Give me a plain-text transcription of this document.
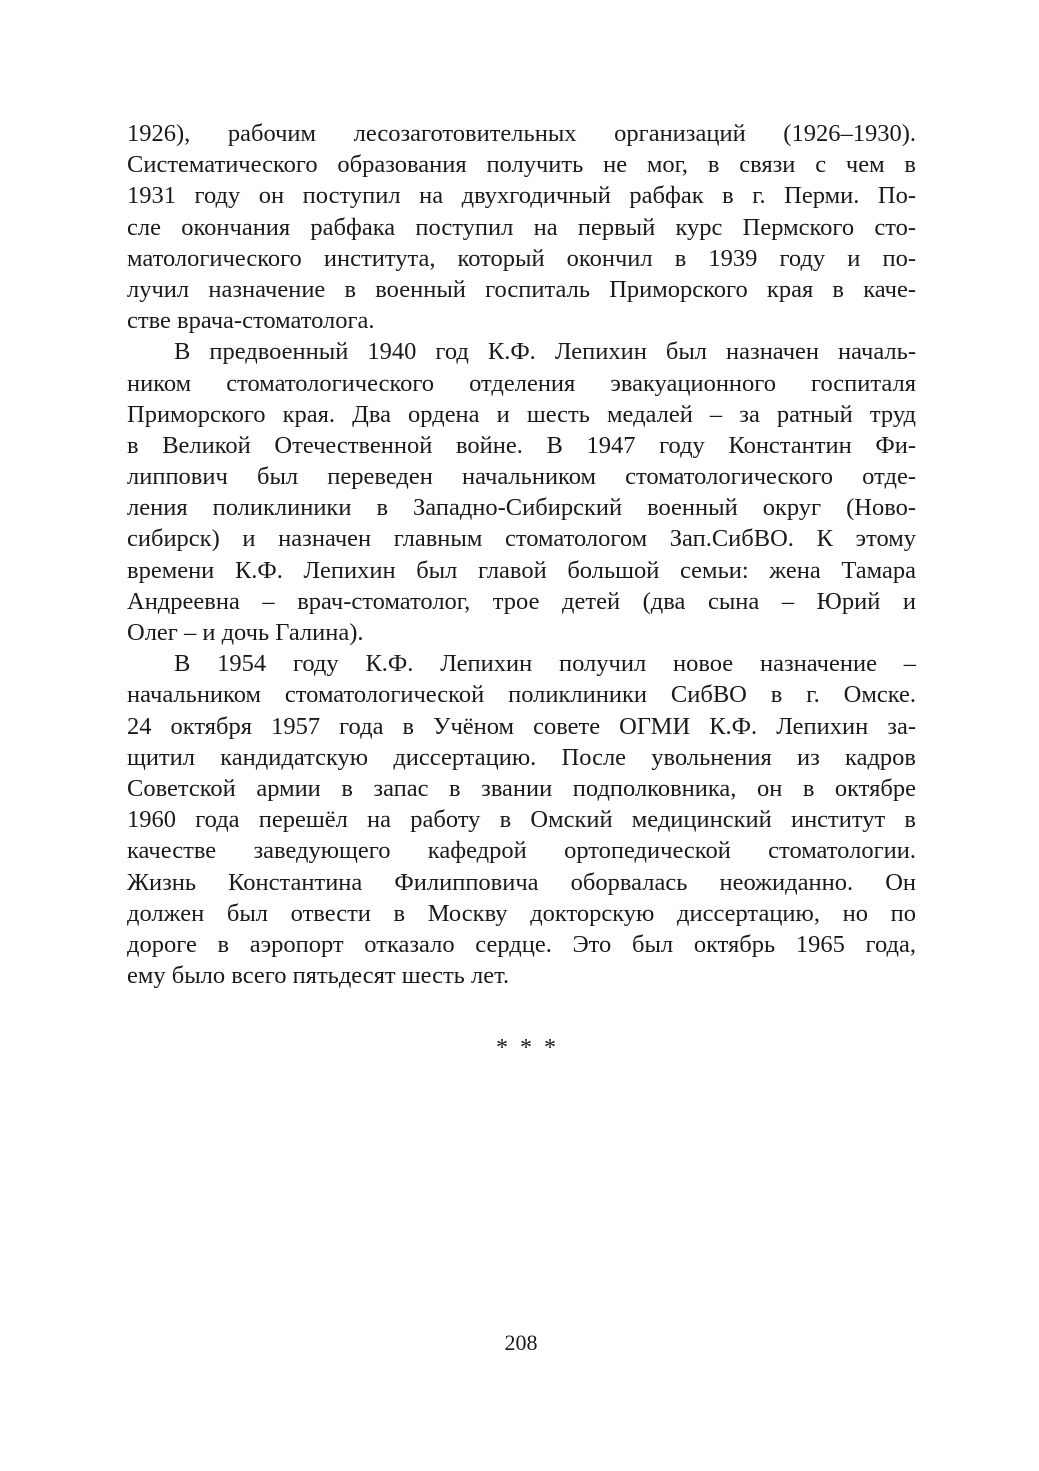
1926), рабочим лесозаготовительных организаций (1926–1930).
Систематического образования получить не мог, в связи с чем в
1931 году он поступил на двухгодичный рабфак в г. Перми. По-
сле окончания рабфака поступил на первый курс Пермского сто-
матологического института, который окончил в 1939 году и по-
лучил назначение в военный госпиталь Приморского края в каче-
стве врача-стоматолога.
В предвоенный 1940 год К.Ф. Лепихин был назначен началь-
ником стоматологического отделения эвакуационного госпиталя
Приморского края. Два ордена и шесть медалей – за ратный труд
в Великой Отечественной войне. В 1947 году Константин Фи-
липпович был переведен начальником стоматологического отде-
ления поликлиники в Западно-Сибирский военный округ (Ново-
сибирск) и назначен главным стоматологом Зап.СибВО. К этому
времени К.Ф. Лепихин был главой большой семьи: жена Тамара
Андреевна – врач-стоматолог, трое детей (два сына – Юрий и
Олег – и дочь Галина).
В 1954 году К.Ф. Лепихин получил новое назначение –
начальником стоматологической поликлиники СибВО в г. Омске.
24 октября 1957 года в Учёном совете ОГМИ К.Ф. Лепихин за-
щитил кандидатскую диссертацию. После увольнения из кадров
Советской армии в запас в звании подполковника, он в октябре
1960 года перешёл на работу в Омский медицинский институт в
качестве заведующего кафедрой ортопедической стоматологии.
Жизнь Константина Филипповича оборвалась неожиданно. Он
должен был отвести в Москву докторскую диссертацию, но по
дороге в аэропорт отказало сердце. Это был октябрь 1965 года,
ему было всего пятьдесят шесть лет.
* * *
208
